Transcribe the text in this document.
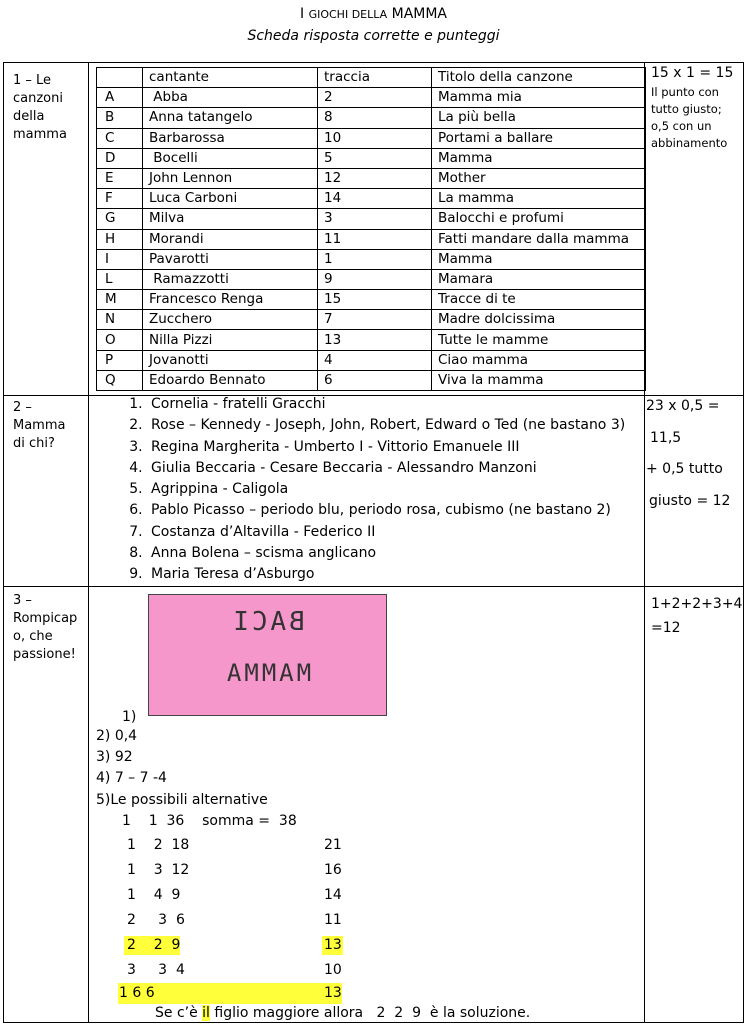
I GIOCHI DELLA MAMMA
Scheda risposta corrette e punteggi
1 – Le
canzoni
della
mamma
	cantante	traccia	Titolo della canzone
A	Abba	2	Mamma mia
B	Anna tatangelo	8	La più bella
C	Barbarossa	10	Portami a ballare
D	Bocelli	5	Mamma
E	John Lennon	12	Mother
F	Luca Carboni	14	La mamma
G	Milva	3	Balocchi e profumi
H	Morandi	11	Fatti mandare dalla mamma
I	Pavarotti	1	Mamma
L	Ramazzotti	9	Mamara
M	Francesco Renga	15	Tracce di te
N	Zucchero	7	Madre dolcissima
O	Nilla Pizzi	13	Tutte le mamme
P	Jovanotti	4	Ciao mamma
Q	Edoardo Bennato	6	Viva la mamma
15 x 1 = 15
Il punto con
tutto giusto;
o,5 con un
abbinamento
2 –
Mamma
di chi?
1. Cornelia - fratelli Gracchi
2. Rose – Kennedy - Joseph, John, Robert, Edward o Ted (ne bastano 3)
3. Regina Margherita - Umberto I - Vittorio Emanuele III
4. Giulia Beccaria - Cesare Beccaria - Alessandro Manzoni
5. Agrippina - Caligola
6. Pablo Picasso – periodo blu, periodo rosa, cubismo (ne bastano 2)
7. Costanza d’Altavilla - Federico II
8. Anna Bolena – scisma anglicano
9. Maria Teresa d’Asburgo
23 x 0,5 =
11,5
+ 0,5 tutto
giusto = 12
3 –
Rompicap
o, che
passione!
BACI
MAMMA
1)
2) 0,4
3) 92
4) 7 – 7 -4
5)Le possibili alternative
1    1  36    somma =  38
1    2  18	21
1    3  12	16
1    4  9	14
2     3  6	11
2    2  9	13
3     3  4	10
1 6 6	13
Se c’è il figlio maggiore allora   2  2  9  è la soluzione.
1+2+2+3+4
=12
